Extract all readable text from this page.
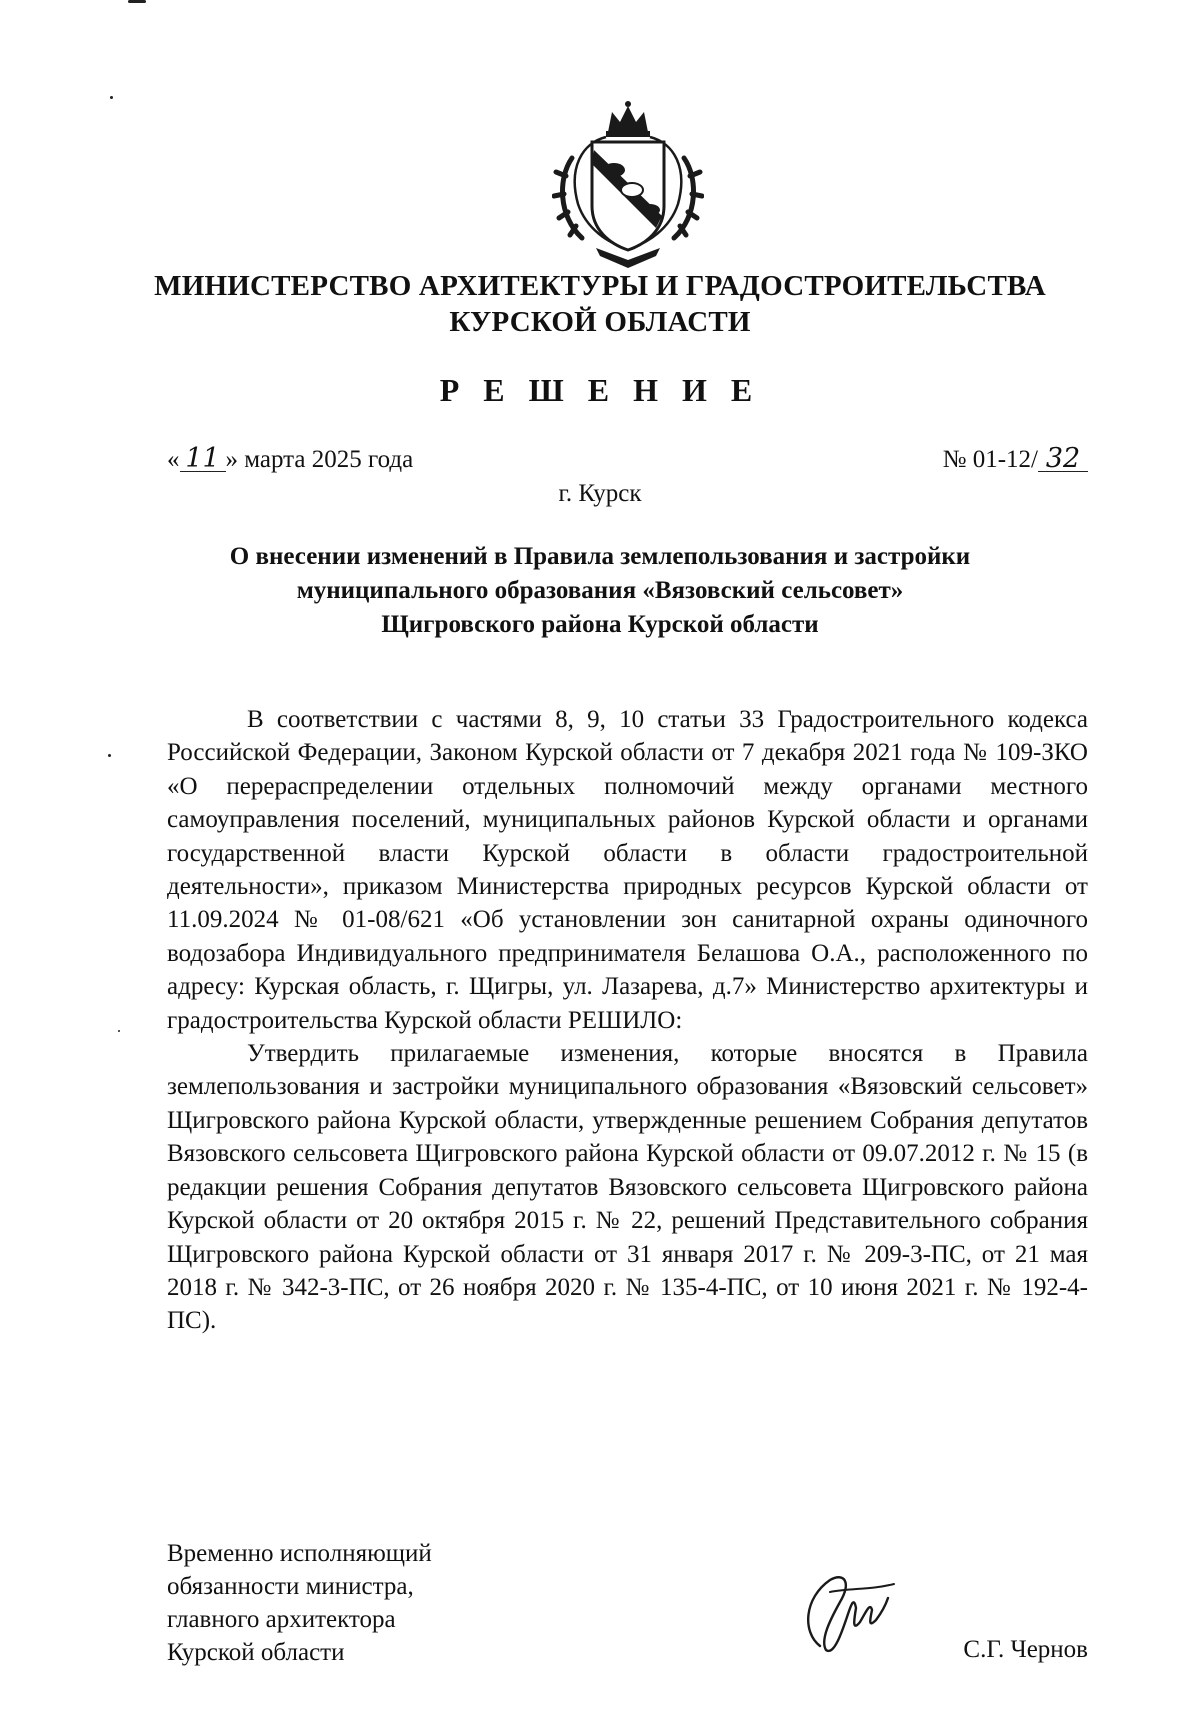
МИНИСТЕРСТВО АРХИТЕКТУРЫ И ГРАДОСТРОИТЕЛЬСТВА
КУРСКОЙ ОБЛАСТИ
Р Е Ш Е Н И Е
« 11 » марта 2025 года	№ 01-12/ 32
г. Курск
О внесении изменений в Правила землепользования и застройки
муниципального образования «Вязовский сельсовет»
Щигровского района Курской области

В соответствии с частями 8, 9, 10 статьи 33 Градостроительного кодекса Российской Федерации, Законом Курской области от 7 декабря 2021 года № 109-ЗКО «О перераспределении отдельных полномочий между органами местного самоуправления поселений, муниципальных районов Курской области и органами государственной власти Курской области в области градостроительной деятельности», приказом Министерства природных ресурсов Курской области от 11.09.2024 № 01-08/621 «Об установлении зон санитарной охраны одиночного водозабора Индивидуального предпринимателя Белашова О.А., расположенного по адресу: Курская область, г. Щигры, ул. Лазарева, д.7» Министерство архитектуры и градостроительства Курской области РЕШИЛО:

Утвердить прилагаемые изменения, которые вносятся в Правила землепользования и застройки муниципального образования «Вязовский сельсовет» Щигровского района Курской области, утвержденные решением Собрания депутатов Вязовского сельсовета Щигровского района Курской области от 09.07.2012 г. № 15 (в редакции решения Собрания депутатов Вязовского сельсовета Щигровского района Курской области от 20 октября 2015 г. № 22, решений Представительного собрания Щигровского района Курской области от 31 января 2017 г. № 209-3-ПС, от 21 мая 2018 г. № 342-3-ПС, от 26 ноября 2020 г. № 135-4-ПС, от 10 июня 2021 г. № 192-4-ПС).

Временно исполняющий
обязанности министра,
главного архитектора
Курской области	С.Г. Чернов
